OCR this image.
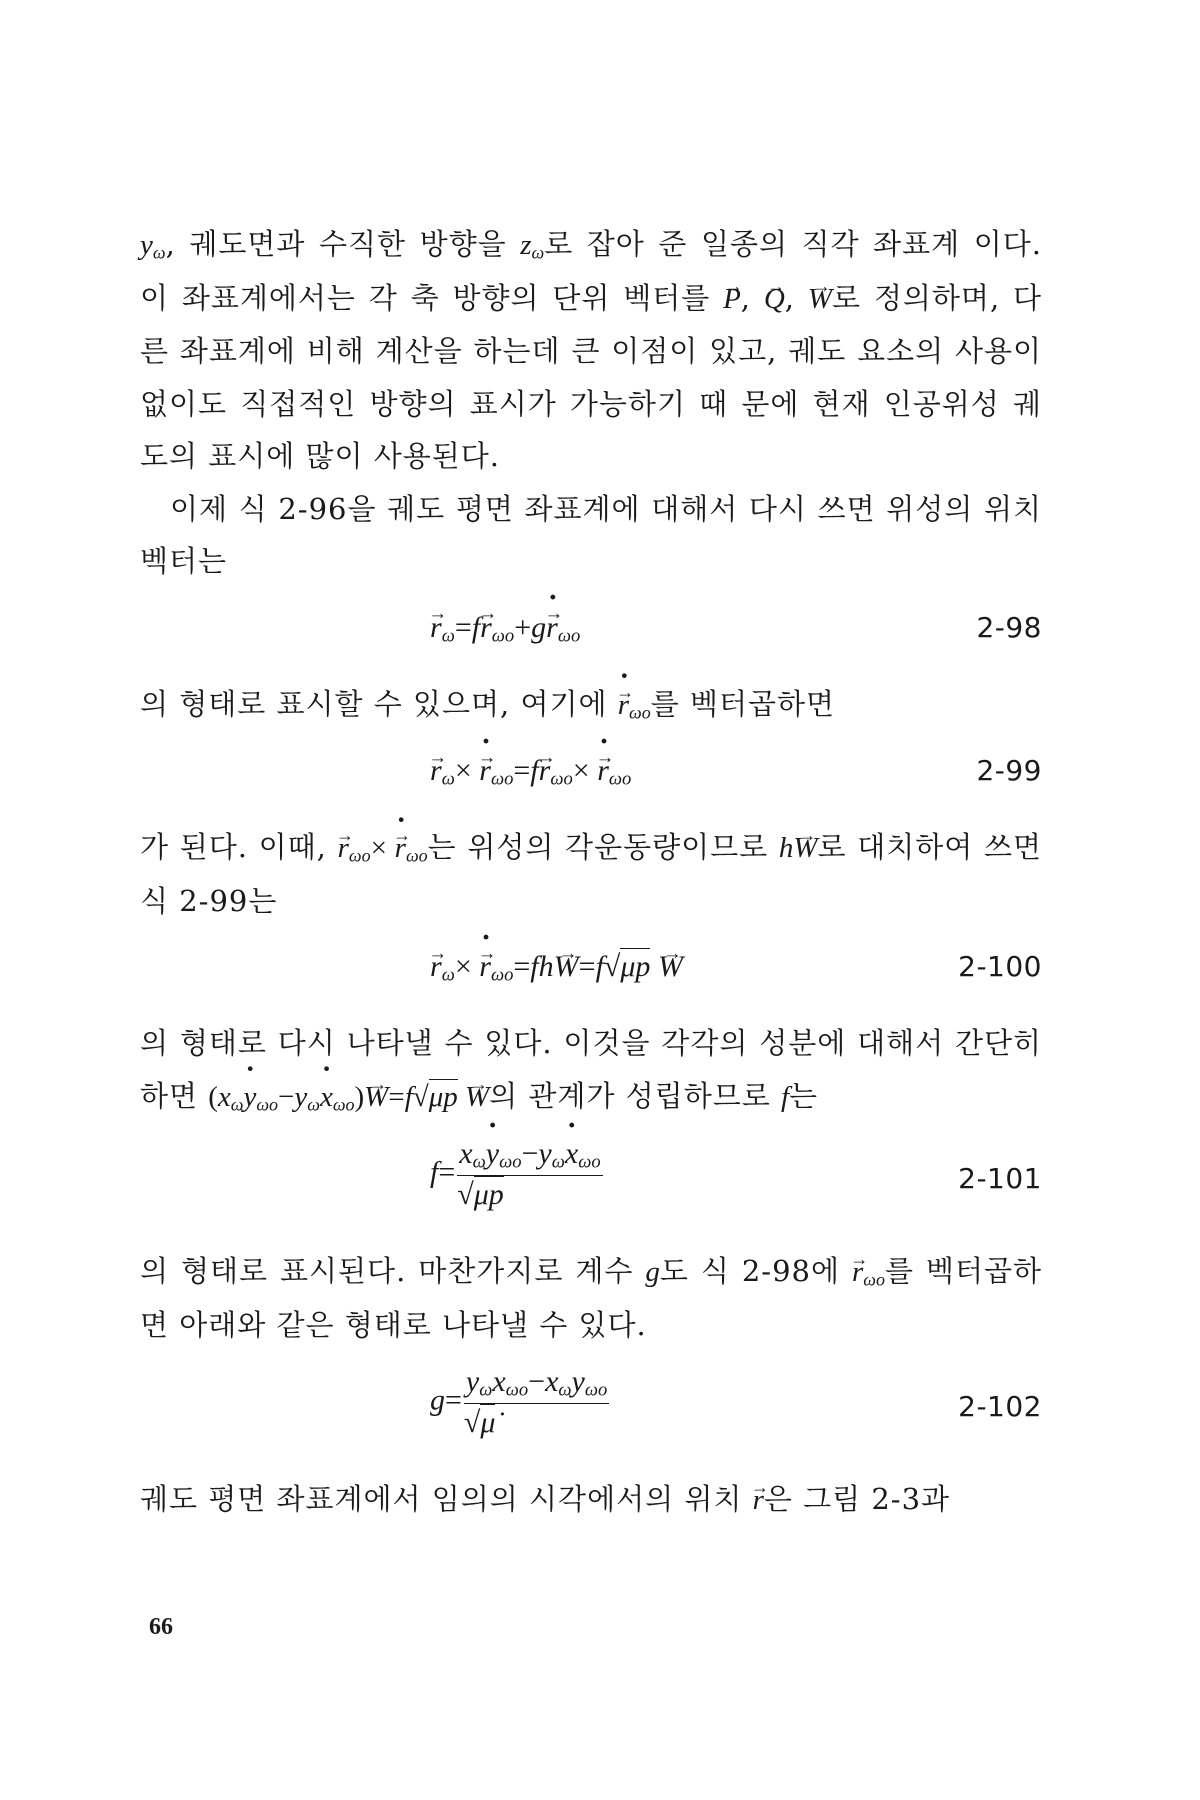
$y_\omega$, 궤도면과 수직한 방향을 $z_\omega$로 잡아 준 일종의 직각 좌표계 이다. 이 좌표계에서는 각 축 방향의 단위 벡터를 P →, Q →, W →로 정의하며, 다른 좌표계에 비해 계산을 하는데 큰 이점이 있고, 궤도 요소의 사용이 없이도 직접적인 방향의 표시가 가능하기 때 문에 현재 인공위성 궤도의 표시에 많이 사용된다.

이제 식 2-96을 궤도 평면 좌표계에 대해서 다시 쓰면 위성의 위치 벡터는

$r \to_\omega=fr \to_{\omega o}+g\cdot r \to_{\omega o}$	2-98

의 형태로 표시할 수 있으며, 여기에 · $r \to_{\omega o}$를 벡터곱하면

$r \to_\omega\times \cdot r \to_{\omega o}=fr \to_{\omega o}\times \cdot r \to_{\omega o}$	2-99

가 된다. 이때, $r \to_{\omega o}\times \cdot r \to_{\omega o}$는 위성의 각운동량이므로 hW →로 대치하여 쓰면 식 2-99는

$r \to_\omega\times \cdot r \to_{\omega o}=fhW \to=f√\mu p$ W →	2-100

의 형태로 다시 나타낼 수 있다. 이것을 각각의 성분에 대해서 간단히 하면 $(x_\omega\cdot y_{\omega o}-y_\omega\cdot x_{\omega o})W \to=f√\mu p$ W →의 관계가 성립하므로 f는

f=
$x_\omega\cdot y_{\omega o}-y_\omega\cdot x_{\omega o}$
√μp	2-101

의 형태로 표시된다. 마찬가지로 계수 g도 식 2-98에 $r \to_{\omega o}$를 벡터곱하면 아래와 같은 형태로 나타낼 수 있다.

g=
$y_\omega x_{\omega o}-x_\omega y_{\omega o}$
√μ̇	2-102

궤도 평면 좌표계에서 임의의 시각에서의 위치 r →은 그림 2-3과

66
